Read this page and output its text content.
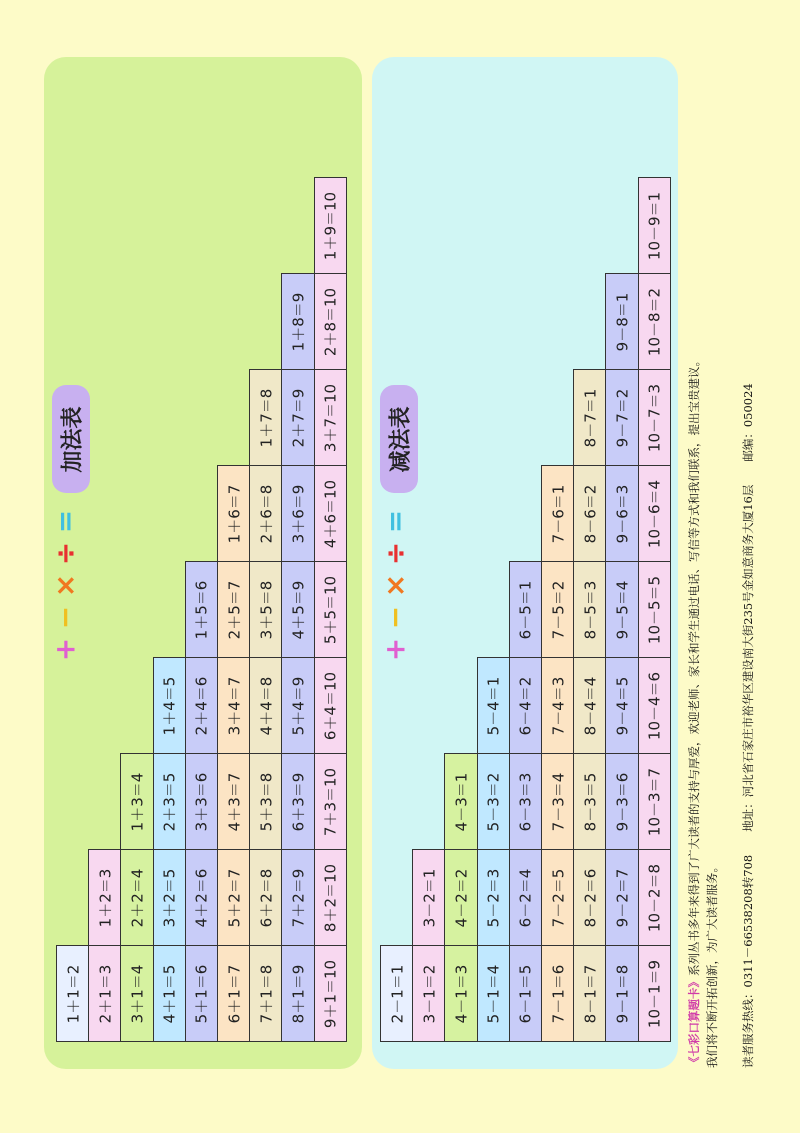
1＋1＝2 2＋1＝3 3＋1＝4 4＋1＝5 5＋1＝6 6＋1＝7 7＋1＝8 8＋1＝9 9＋1＝10
1＋2＝3 2＋2＝4 3＋2＝5 4＋2＝6 5＋2＝7 6＋2＝8 7＋2＝9 8＋2＝10
1＋3＝4 2＋3＝5 3＋3＝6 4＋3＝7 5＋3＝8 6＋3＝9 7＋3＝10
1＋4＝5 2＋4＝6 3＋4＝7 4＋4＝8 5＋4＝9 6＋4＝10
1＋5＝6 2＋5＝7 3＋5＝8 4＋5＝9 5＋5＝10
1＋6＝7 2＋6＝8 3＋6＝9 4＋6＝10
1＋7＝8 2＋7＝9 3＋7＝10
1＋8＝9 2＋8＝10
1＋9＝10
2－1＝1 3－1＝2 4－1＝3 5－1＝4 6－1＝5 7－1＝6 8－1＝7 9－1＝8 10－1＝9
3－2＝1 4－2＝2 5－2＝3 6－2＝4 7－2＝5 8－2＝6 9－2＝7 10－2＝8
4－3＝1 5－3＝2 6－3＝3 7－3＝4 8－3＝5 9－3＝6 10－3＝7
5－4＝1 6－4＝2 7－4＝3 8－4＝4 9－4＝5 10－4＝6
6－5＝1 7－5＝2 8－5＝3 9－5＝4 10－5＝5
7－6＝1 8－6＝2 9－6＝3 10－6＝4
8－7＝1 9－7＝2 10－7＝3
9－8＝1 10－8＝2
10－9＝1
+
−
×
÷
=
加法表
+
−
×
÷
=
减法表
《七彩口算题卡》系列丛书多年来得到了广大读者的支持与厚爱，欢迎老师、家长和学生通过电话、写信等方式和我们联系，提出宝贵建议。 我们将不断开拓创新，为广大读者服务。 读者服务热线：0311－66538208转708　　地址：河北省石家庄市裕华区建设南大街235号金如意商务大厦16层　　邮编：050024
